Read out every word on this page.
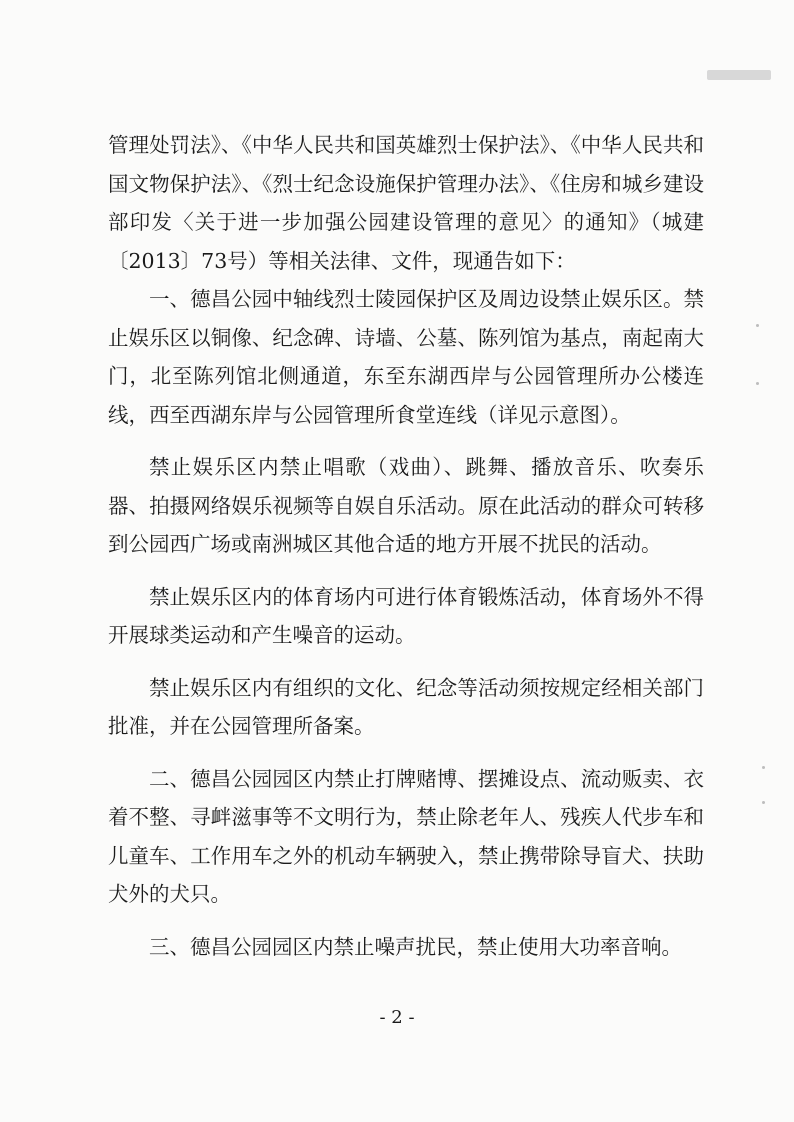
管理处罚法》、《中华人民共和国英雄烈士保护法》、《中华人民共和国文物保护法》、《烈士纪念设施保护管理办法》、《住房和城乡建设部印发〈关于进一步加强公园建设管理的意见〉的通知》（城建〔2013〕73号）等相关法律、文件，现通告如下：

一、德昌公园中轴线烈士陵园保护区及周边设禁止娱乐区。禁止娱乐区以铜像、纪念碑、诗墙、公墓、陈列馆为基点，南起南大门，北至陈列馆北侧通道，东至东湖西岸与公园管理所办公楼连线，西至西湖东岸与公园管理所食堂连线（详见示意图）。

禁止娱乐区内禁止唱歌（戏曲）、跳舞、播放音乐、吹奏乐器、拍摄网络娱乐视频等自娱自乐活动。原在此活动的群众可转移到公园西广场或南洲城区其他合适的地方开展不扰民的活动。

禁止娱乐区内的体育场内可进行体育锻炼活动，体育场外不得开展球类运动和产生噪音的运动。

禁止娱乐区内有组织的文化、纪念等活动须按规定经相关部门批准，并在公园管理所备案。

二、德昌公园园区内禁止打牌赌博、摆摊设点、流动贩卖、衣着不整、寻衅滋事等不文明行为，禁止除老年人、残疾人代步车和儿童车、工作用车之外的机动车辆驶入，禁止携带除导盲犬、扶助犬外的犬只。

三、德昌公园园区内禁止噪声扰民，禁止使用大功率音响。

- 2 -
